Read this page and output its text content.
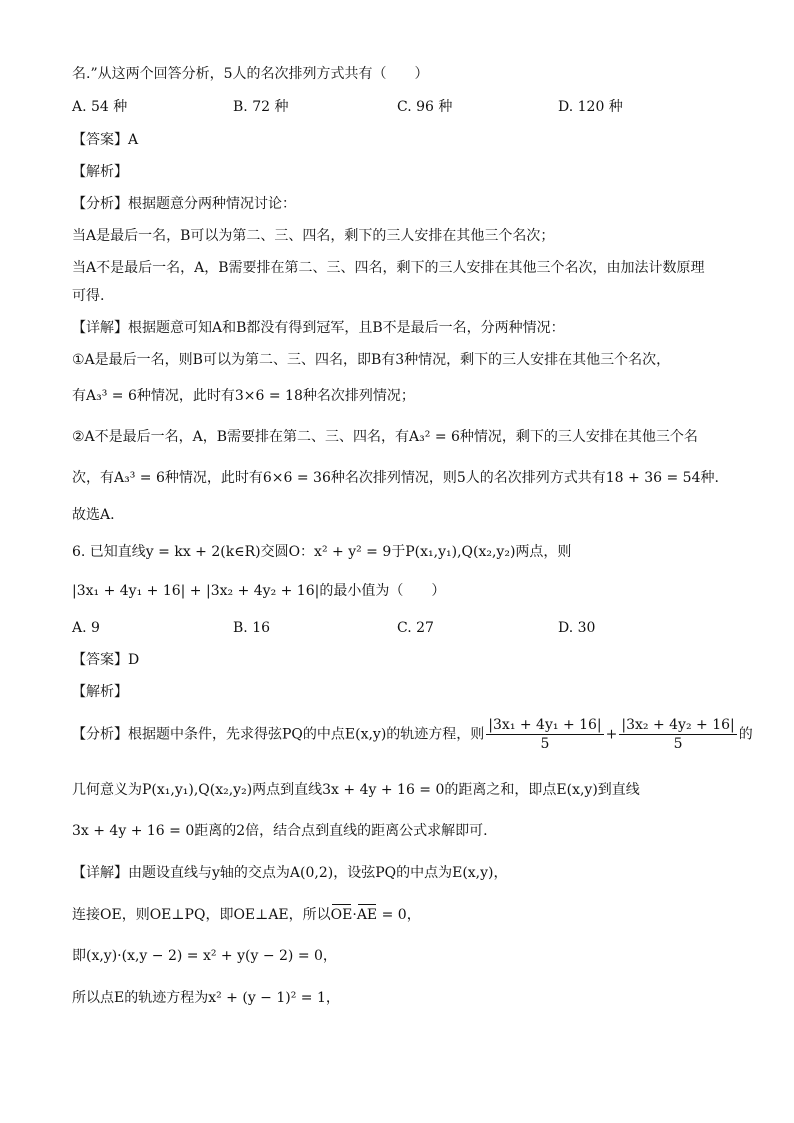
名.”从这两个回答分析，5人的名次排列方式共有（　　）
A. 54 种	B. 72 种	C. 96 种	D. 120 种
【答案】A
【解析】
【分析】根据题意分两种情况讨论：
当A是最后一名，B可以为第二、三、四名，剩下的三人安排在其他三个名次；
当A不是最后一名，A，B需要排在第二、三、四名，剩下的三人安排在其他三个名次，由加法计数原理
可得.
【详解】根据题意可知A和B都没有得到冠军，且B不是最后一名，分两种情况：
①A是最后一名，则B可以为第二、三、四名，即B有3种情况，剩下的三人安排在其他三个名次，
有A₃³ = 6种情况，此时有3×6 = 18种名次排列情况；
②A不是最后一名，A，B需要排在第二、三、四名，有A₃² = 6种情况，剩下的三人安排在其他三个名
次，有A₃³ = 6种情况，此时有6×6 = 36种名次排列情况，则5人的名次排列方式共有18 + 36 = 54种.
故选A.
6. 已知直线y = kx + 2(k∈R)交圆O：x² + y² = 9于P(x₁,y₁),Q(x₂,y₂)两点，则
|3x₁ + 4y₁ + 16| + |3x₂ + 4y₂ + 16|的最小值为（　　）
A. 9	B. 16	C. 27	D. 30
【答案】D
【解析】
【分析】根据题中条件，先求得弦PQ的中点E(x,y)的轨迹方程，则 $\frac{\text{|3x₁ + 4y₁ + 16|}}{5} + \frac{\text{|3x₂ + 4y₂ + 16|}}{5}$ 的
几何意义为P(x₁,y₁),Q(x₂,y₂)两点到直线3x + 4y + 16 = 0的距离之和，即点E(x,y)到直线
3x + 4y + 16 = 0距离的2倍，结合点到直线的距离公式求解即可.
【详解】由题设直线与y轴的交点为A(0,2)，设弦PQ的中点为E(x,y)，
连接OE，则OE⊥PQ，即OE⊥AE，所以OE·AE = 0，
即(x,y)·(x,y − 2) = x² + y(y − 2) = 0，
所以点E的轨迹方程为x² + (y − 1)² = 1，
